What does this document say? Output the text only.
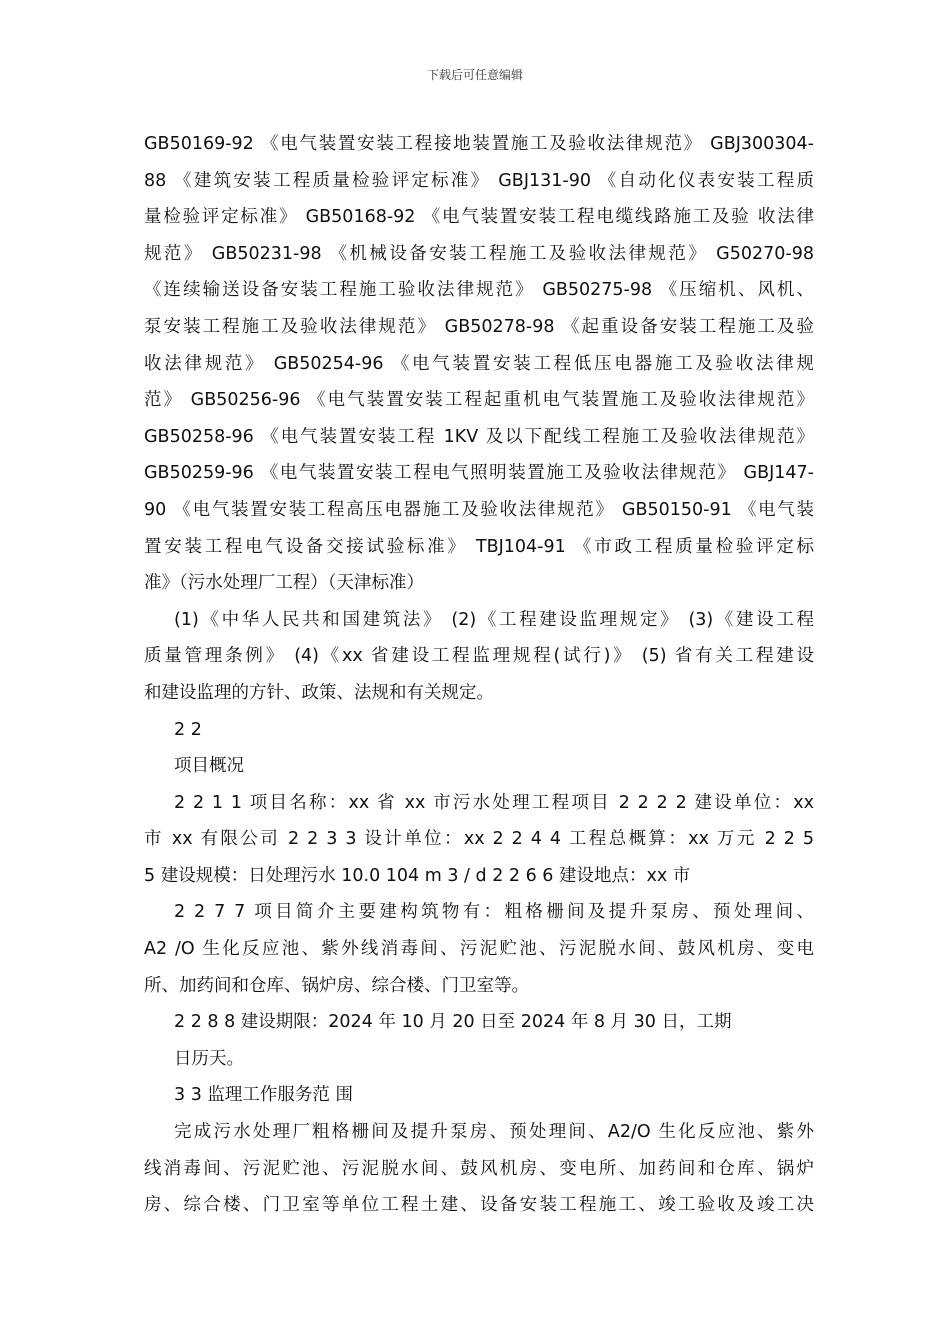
下载后可任意编辑
GB50169-92 《电气装置安装工程接地装置施工及验收法律规范》 GBJ300304-
88 《建筑安装工程质量检验评定标准》 GBJ131-90 《自动化仪表安装工程质
量检验评定标准》 GB50168-92 《电气装置安装工程电缆线路施工及验 收法律
规范》 GB50231-98 《机械设备安装工程施工及验收法律规范》 G50270-98
《连续输送设备安装工程施工验收法律规范》 GB50275-98 《压缩机、风机、
泵安装工程施工及验收法律规范》 GB50278-98 《起重设备安装工程施工及验
收法律规范》 GB50254-96 《电气装置安装工程低压电器施工及验收法律规
范》 GB50256-96 《电气装置安装工程起重机电气装置施工及验收法律规范》
GB50258-96 《电气装置安装工程 1KV 及以下配线工程施工及验收法律规范》
GB50259-96 《电气装置安装工程电气照明装置施工及验收法律规范》 GBJ147-
90 《电气装置安装工程高压电器施工及验收法律规范》 GB50150-91 《电气装
置安装工程电气设备交接试验标准》 TBJ104-91 《市政工程质量检验评定标
准》（污水处理厂工程）（天津标准）
(1)《中华人民共和国建筑法》 (2)《工程建设监理规定》 (3)《建设工程
质量管理条例》 (4)《xx 省建设工程监理规程(试行)》 (5) 省有关工程建设
和建设监理的方针、政策、法规和有关规定。
2 2
项目概况
2 2 1 1 项目名称：xx 省 xx 市污水处理工程项目 2 2 2 2 建设单位：xx
市 xx 有限公司 2 2 3 3 设计单位：xx 2 2 4 4 工程总概算：xx 万元 2 2 5
5 建设规模：日处理污水 10.0 104 m 3 / d 2 2 6 6 建设地点：xx 市
2 2 7 7 项目简介主要建构筑物有：粗格栅间及提升泵房、预处理间、
A2 /O 生化反应池、紫外线消毒间、污泥贮池、污泥脱水间、鼓风机房、变电
所、加药间和仓库、锅炉房、综合楼、门卫室等。
2 2 8 8 建设期限：2024 年 10 月 20 日至 2024 年 8 月 30 日，工期
日历天。
3 3 监理工作服务范 围
完成污水处理厂粗格栅间及提升泵房、预处理间、A2/O 生化反应池、紫外
线消毒间、污泥贮池、污泥脱水间、鼓风机房、变电所、加药间和仓库、锅炉
房、综合楼、门卫室等单位工程土建、设备安装工程施工、竣工验收及竣工决
